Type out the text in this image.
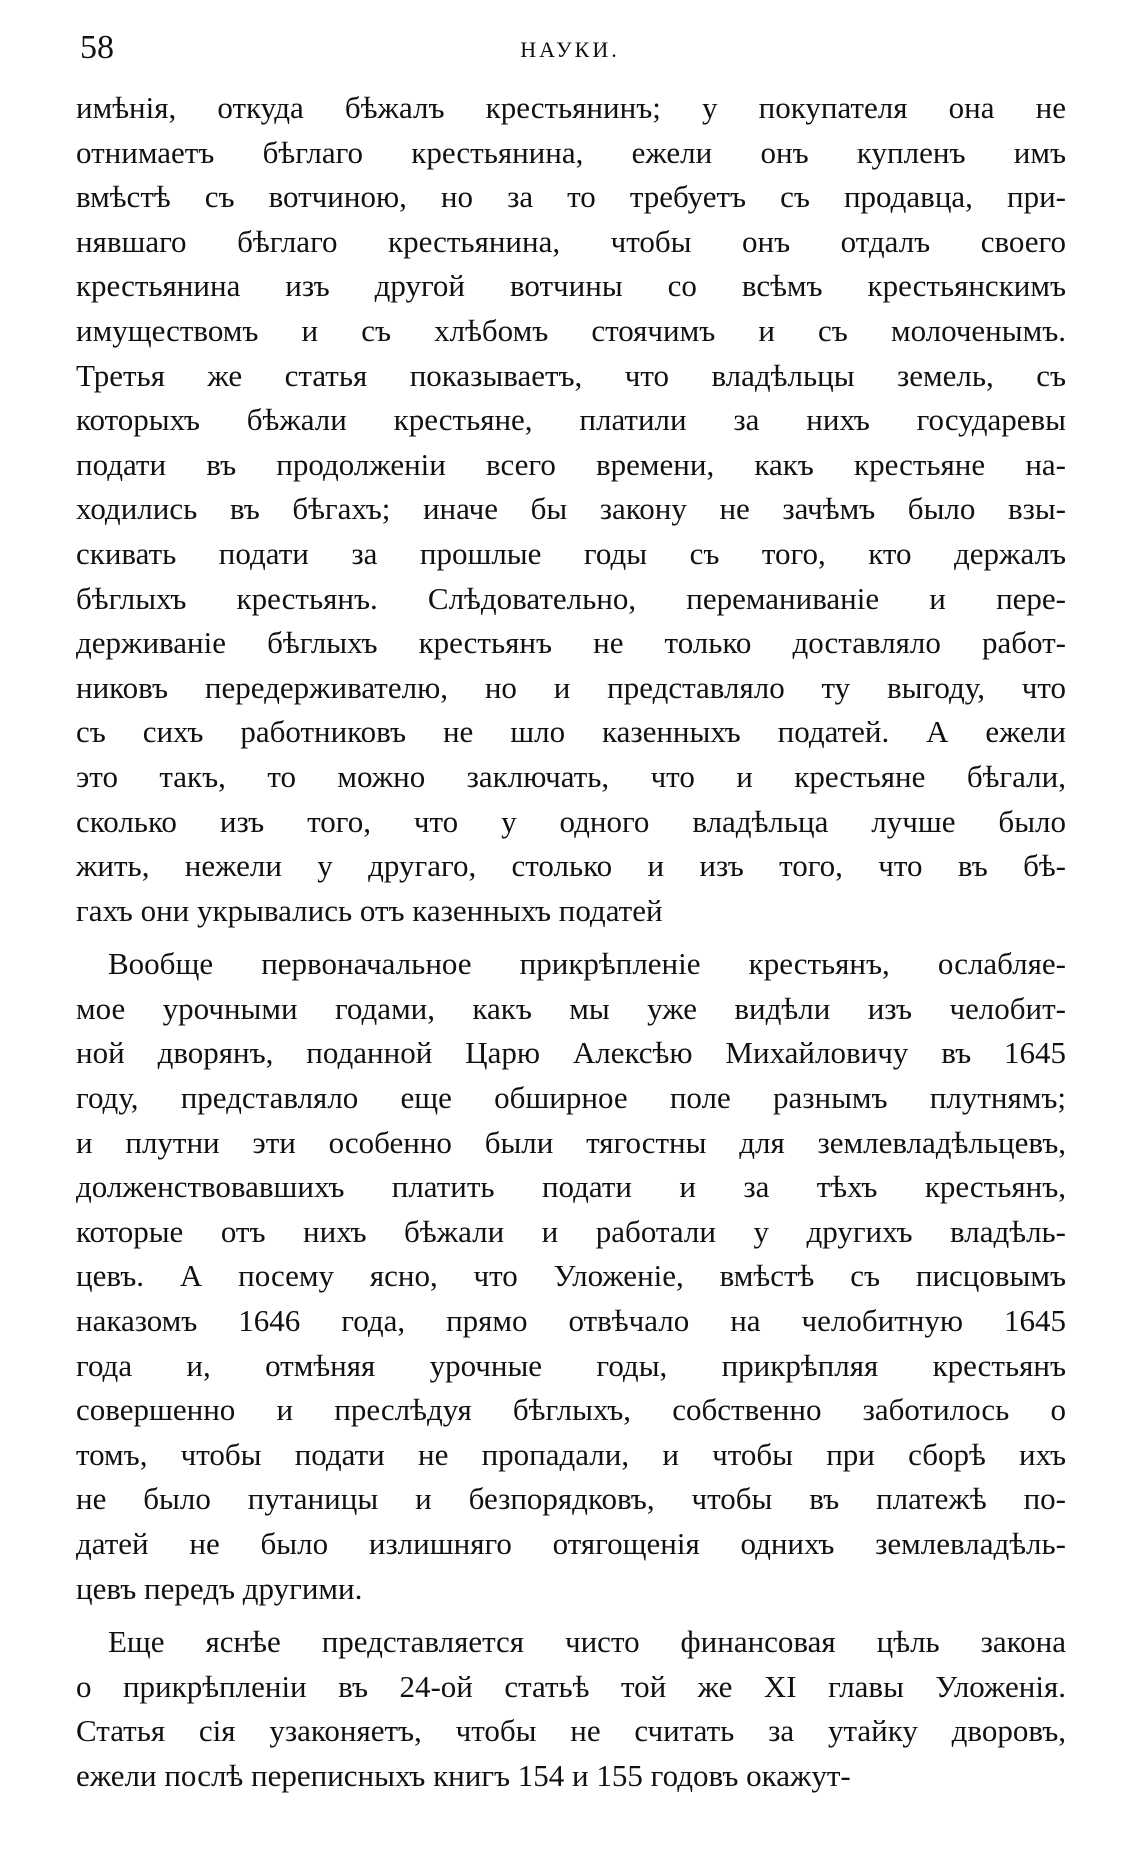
58	НАУКИ.
имѣнія, откуда бѣжалъ крестьянинъ; у покупателя она не
отнимаетъ бѣглаго крестьянина, ежели онъ купленъ имъ
вмѣстѣ съ вотчиною, но за то требуетъ съ продавца, при-
нявшаго бѣглаго крестьянина, чтобы онъ отдалъ своего
крестьянина изъ другой вотчины со всѣмъ крестьянскимъ
имуществомъ и съ хлѣбомъ стоячимъ и съ молоченымъ.
Третья же статья показываетъ, что владѣльцы земель, съ
которыхъ бѣжали крестьяне, платили за нихъ государевы
подати въ продолженіи всего времени, какъ крестьяне на-
ходились въ бѣгахъ; иначе бы закону не зачѣмъ было взы-
скивать подати за прошлые годы съ того, кто держалъ
бѣглыхъ крестьянъ. Слѣдовательно, переманиваніе и пере-
держиваніе бѣглыхъ крестьянъ не только доставляло работ-
никовъ передерживателю, но и представляло ту выгоду, что
съ сихъ работниковъ не шло казенныхъ податей. А ежели
это такъ, то можно заключать, что и крестьяне бѣгали,
сколько изъ того, что у одного владѣльца лучше было
жить, нежели у другаго, столько и изъ того, что въ бѣ-
гахъ они укрывались отъ казенныхъ податей
Вообще первоначальное прикрѣпленіе крестьянъ, ослабляе-
мое урочными годами, какъ мы уже видѣли изъ челобит-
ной дворянъ, поданной Царю Алексѣю Михайловичу въ 1645
году, представляло еще обширное поле разнымъ плутнямъ;
и плутни эти особенно были тягостны для землевладѣльцевъ,
долженствовавшихъ платить подати и за тѣхъ крестьянъ,
которые отъ нихъ бѣжали и работали у другихъ владѣль-
цевъ. А посему ясно, что Уложеніе, вмѣстѣ съ писцовымъ
наказомъ 1646 года, прямо отвѣчало на челобитную 1645
года и, отмѣняя урочные годы, прикрѣпляя крестьянъ
совершенно и преслѣдуя бѣглыхъ, собственно заботилось о
томъ, чтобы подати не пропадали, и чтобы при сборѣ ихъ
не было путаницы и безпорядковъ, чтобы въ платежѣ по-
датей не было излишняго отягощенія однихъ землевладѣль-
цевъ передъ другими.
Еще яснѣе представляется чисто финансовая цѣль закона
о прикрѣпленіи въ 24-ой статьѣ той же XI главы Уложенія.
Статья сія узаконяетъ, чтобы не считать за утайку дворовъ,
ежели послѣ переписныхъ книгъ 154 и 155 годовъ окажут-
